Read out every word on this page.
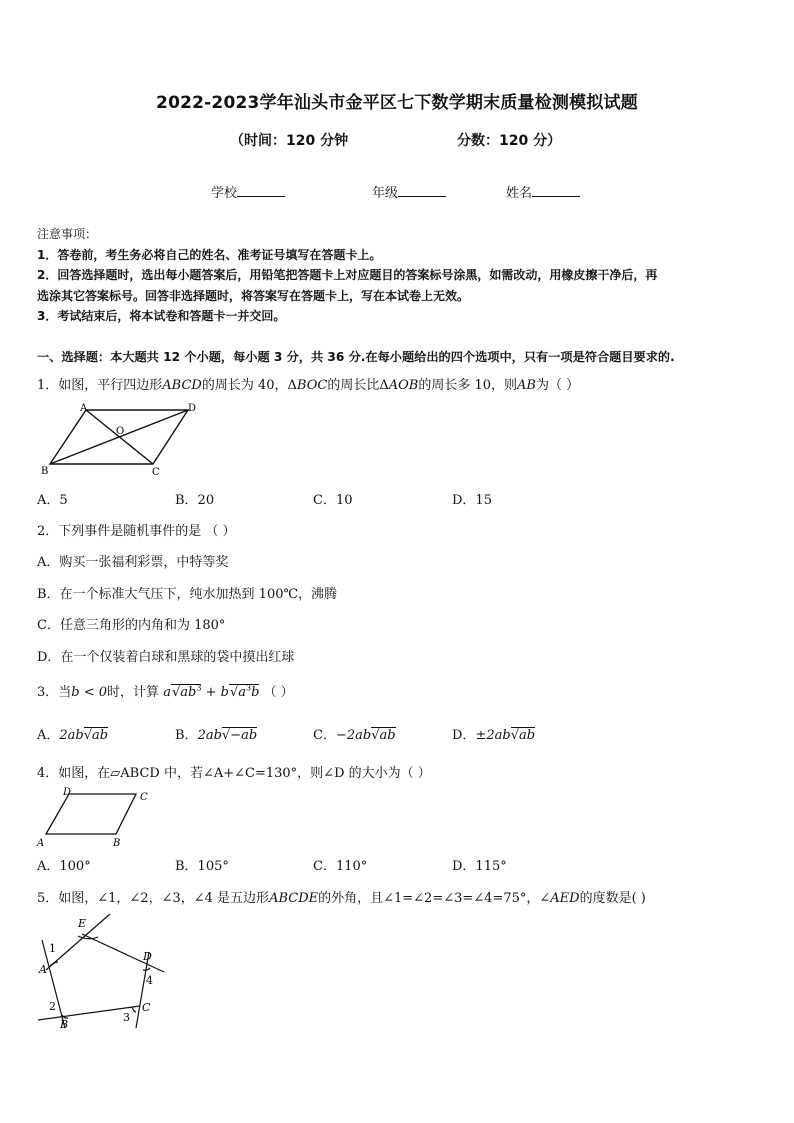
2022-2023学年汕头市金平区七下数学期末质量检测模拟试题
（时间：120 分钟	分数：120 分）
学校	年级	姓名
注意事项：
1．答卷前，考生务必将自己的姓名、准考证号填写在答题卡上。
2．回答选择题时，选出每小题答案后，用铅笔把答题卡上对应题目的答案标号涂黑，如需改动，用橡皮擦干净后，再
选涂其它答案标号。回答非选择题时，将答案写在答题卡上，写在本试卷上无效。
3．考试结束后，将本试卷和答题卡一并交回。
一、选择题：本大题共 12 个小题，每小题 3 分，共 36 分.在每小题给出的四个选项中，只有一项是符合题目要求的.
1．如图，平行四边形ABCD的周长为 40，ΔBOC的周长比ΔAOB的周长多 10，则AB为（ ）
A	D
O
B	C
A．5	B．20	C．10	D．15
2．下列事件是随机事件的是 （ ）
A．购买一张福利彩票，中特等奖
B．在一个标准大气压下，纯水加热到 100℃，沸腾
C．任意三角形的内角和为 180°
D．在一个仅装着白球和黑球的袋中摸出红球
3．当b < 0时，计算 $a√ab^3 + b√a^3b$ （ ）
A．2ab√ab	B．2ab√−ab	C．−2ab√ab	D．±2ab√ab
4．如图，在▱ABCD 中，若∠A+∠C=130°，则∠D 的大小为（ ）
D	C
A	B
A．100°	B．105°	C．110°	D．115°
5．如图，∠1，∠2，∠3，∠4 是五边形ABCDE的外角，且∠1=∠2=∠3=∠4=75°，∠AED的度数是( )
E
D
A
B
C
1
2
3
4
